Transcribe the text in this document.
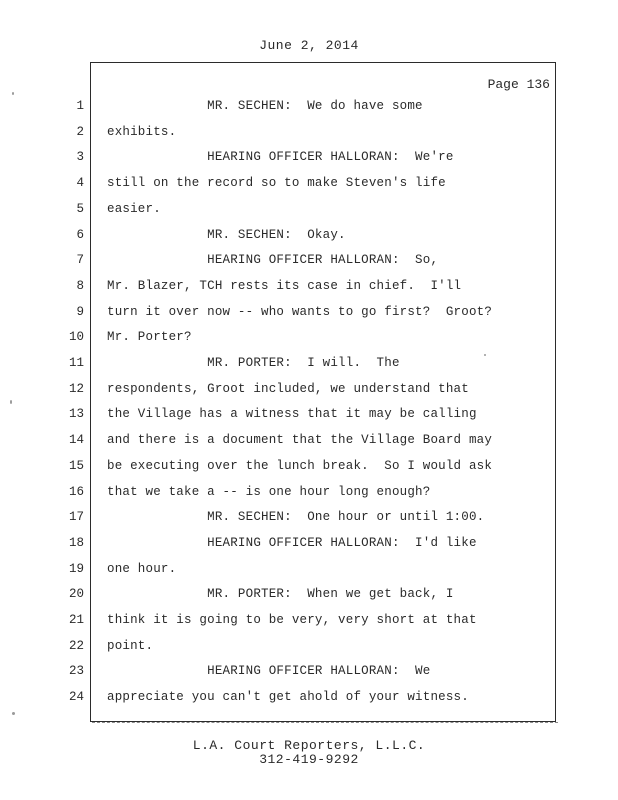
June 2, 2014
Page 136
1 MR. SECHEN:  We do have some
2 exhibits.
3 HEARING OFFICER HALLORAN:  We're
4 still on the record so to make Steven's life
5 easier.
6 MR. SECHEN:  Okay.
7 HEARING OFFICER HALLORAN:  So,
8 Mr. Blazer, TCH rests its case in chief.  I'll
9 turn it over now -- who wants to go first?  Groot?
10 Mr. Porter?
11 MR. PORTER:  I will.  The
12 respondents, Groot included, we understand that
13 the Village has a witness that it may be calling
14 and there is a document that the Village Board may
15 be executing over the lunch break.  So I would ask
16 that we take a -- is one hour long enough?
17 MR. SECHEN:  One hour or until 1:00.
18 HEARING OFFICER HALLORAN:  I'd like
19 one hour.
20 MR. PORTER:  When we get back, I
21 think it is going to be very, very short at that
22 point.
23 HEARING OFFICER HALLORAN:  We
24 appreciate you can't get ahold of your witness.
L.A. Court Reporters, L.L.C.
312-419-9292
